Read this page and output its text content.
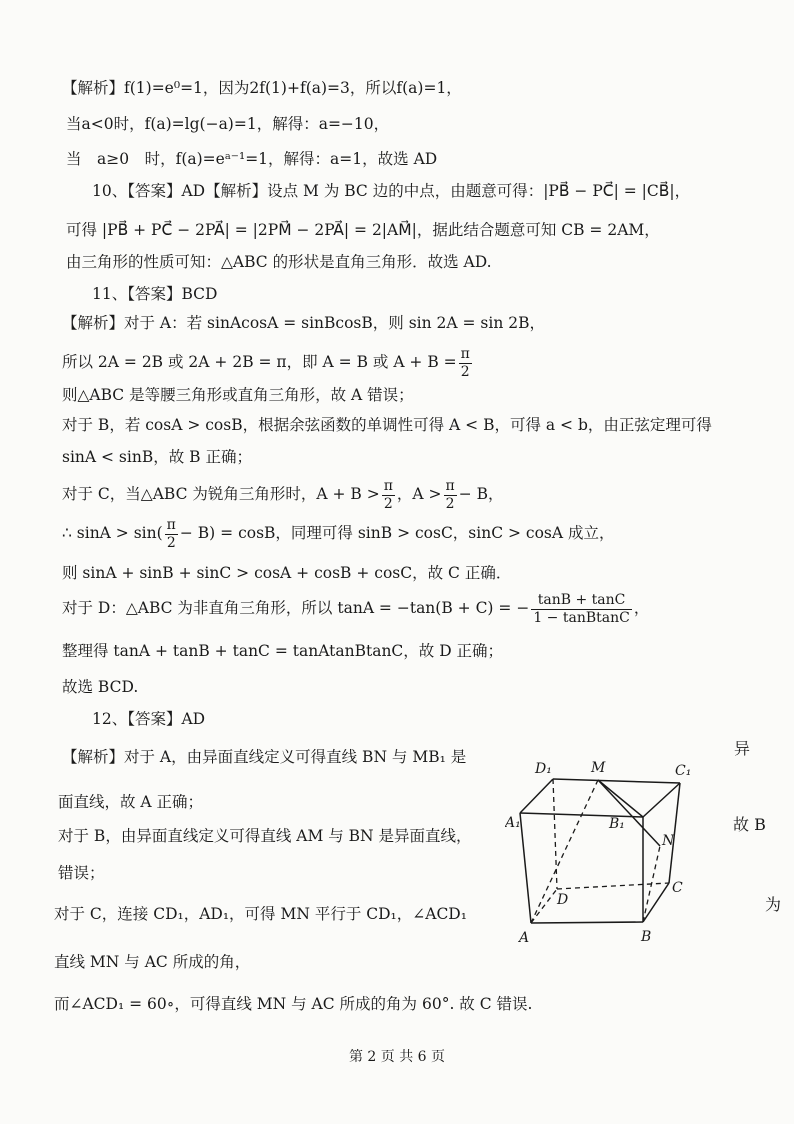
【解析】f(1)=e⁰=1，因为2f(1)+f(a)=3，所以f(a)=1，
当a<0时，f(a)=lg(−a)=1，解得：a=−10，
当　a≥0　时，f(a)=eᵃ⁻¹=1，解得：a=1，故选 AD
10、【答案】AD【解析】设点 M 为 BC 边的中点，由题意可得：|PB⃗ − PC⃗| = |CB⃗|，
可得 |PB⃗ + PC⃗ − 2PA⃗| = |2PM⃗ − 2PA⃗| = 2|AM⃗|，据此结合题意可知 CB = 2AM，
由三角形的性质可知：△ABC 的形状是直角三角形．故选 AD.
11、【答案】BCD
【解析】对于 A：若 sinAcosA = sinBcosB，则 sin 2A = sin 2B，
所以 2A = 2B 或 2A + 2B = π，即 A = B 或 $A + B = \frac{\pi}{2}$
则△ABC 是等腰三角形或直角三角形，故 A 错误；
对于 B，若 cosA > cosB，根据余弦函数的单调性可得 A < B，可得 a < b，由正弦定理可得
sinA < sinB，故 B 正确；
对于 C，当△ABC 为锐角三角形时，$A + B > \frac{\pi}{2}$ ，$A > \frac{\pi}{2} - B$，
∴ $\sin A > \sin( \frac{\pi}{2} - B) = \cos B$，同理可得 sinB > cosC，sinC > cosA 成立，
则 sinA + sinB + sinC > cosA + cosB + cosC，故 C 正确．
对于 D：△ABC 为非直角三角形，所以 tanA = −tan(B + C) = − $\frac{\tan B + \tan C}{\text{1 − tanBtanC}}$ ，
整理得 tanA + tanB + tanC = tanAtanBtanC，故 D 正确；
故选 BCD.
12、【答案】AD
【解析】对于 A，由异面直线定义可得直线 BN 与 MB₁ 是
面直线，故 A 正确；
对于 B，由异面直线定义可得直线 AM 与 BN 是异面直线，
错误；
对于 C，连接 CD₁，AD₁，可得 MN 平行于 CD₁，∠ACD₁
直线 MN 与 AC 所成的角，
而∠ACD₁ = 60∘，可得直线 MN 与 AC 所成的角为 60°. 故 C 错误.
异
故 B
为
D₁	M	C₁
A₁	B₁
N
C
D
A	B
第 2 页 共 6 页
